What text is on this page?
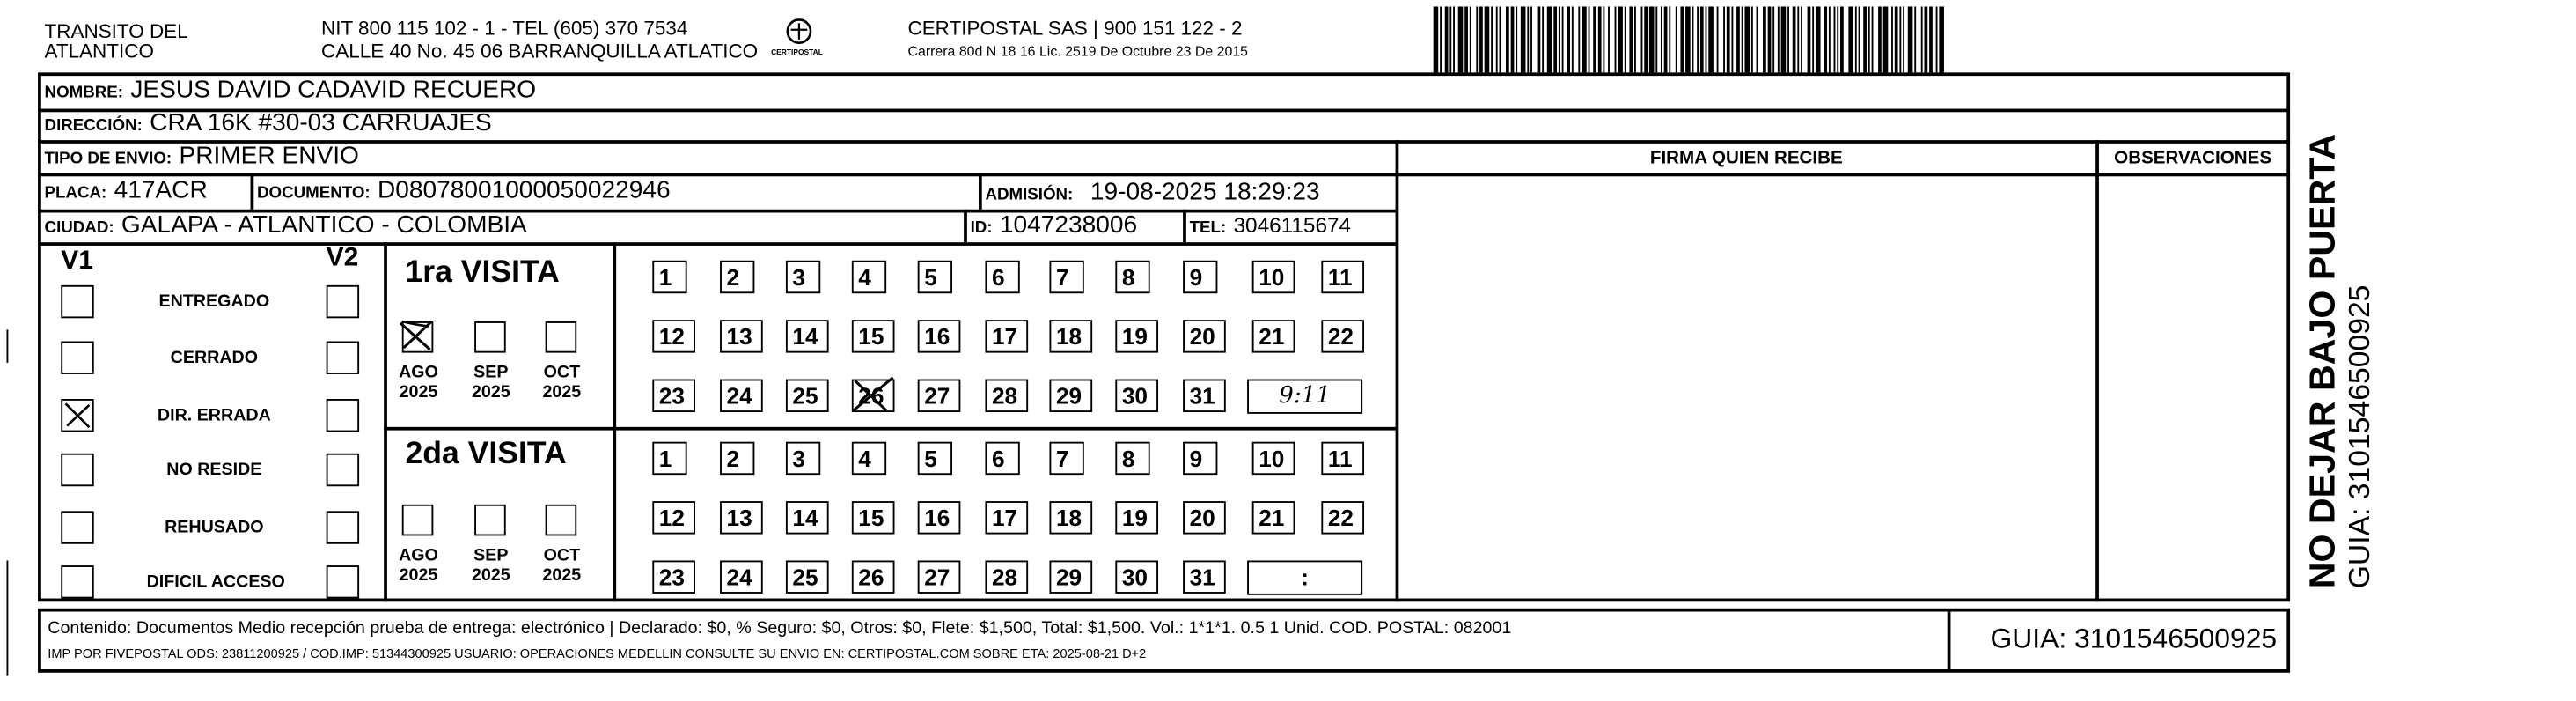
TRANSITO DEL
ATLANTICO
NIT 800 115 102 - 1 - TEL (605) 370 7534
CALLE 40 No. 45 06 BARRANQUILLA ATLATICO	CERTIPOSTAL
CERTIPOSTAL SAS | 900 151 122 - 2
Carrera 80d N 18 16 Lic. 2519 De Octubre 23 De 2015
NOMBRE: JESUS DAVID CADAVID RECUERO
DIRECCIÓN: CRA 16K #30-03 CARRUAJES
TIPO DE ENVIO: PRIMER ENVIO
PLACA: 417ACR	DOCUMENTO: D08078001000050022946	ADMISIÓN: 19-08-2025 18:29:23
CIUDAD: GALAPA - ATLANTICO - COLOMBIA	ID: 1047238006	TEL: 3046115674
FIRMA QUIEN RECIBE	OBSERVACIONES
V1	V2
ENTREGADO
CERRADO
DIR. ERRADA
NO RESIDE
REHUSADO
DIFICIL ACCESO
1ra VISITA
2da VISITA
AGO
2025
SEP
2025
OCT
2025
AGO
2025
SEP
2025
OCT
2025
1	2	3	4	5	6	7	8	9	10	11
12	13	14	15	16	17	18	19	20	21	22
23	24	25	26	27	28	29	30	31
1	2	3	4	5	6	7	8	9	10	11
12	13	14	15	16	17	18	19	20	21	22
23	24	25	26	27	28	29	30	31
9:11
:
Contenido: Documentos Medio recepción prueba de entrega: electrónico | Declarado: $0, % Seguro: $0, Otros: $0, Flete: $1,500, Total: $1,500. Vol.: 1*1*1. 0.5 1 Unid. COD. POSTAL: 082001
IMP POR FIVEPOSTAL ODS: 23811200925 / COD.IMP: 51344300925 USUARIO: OPERACIONES MEDELLIN CONSULTE SU ENVIO EN: CERTIPOSTAL.COM SOBRE ETA: 2025-08-21 D+2	GUIA: 3101546500925
NO DEJAR BAJO PUERTA GUIA: 3101546500925
